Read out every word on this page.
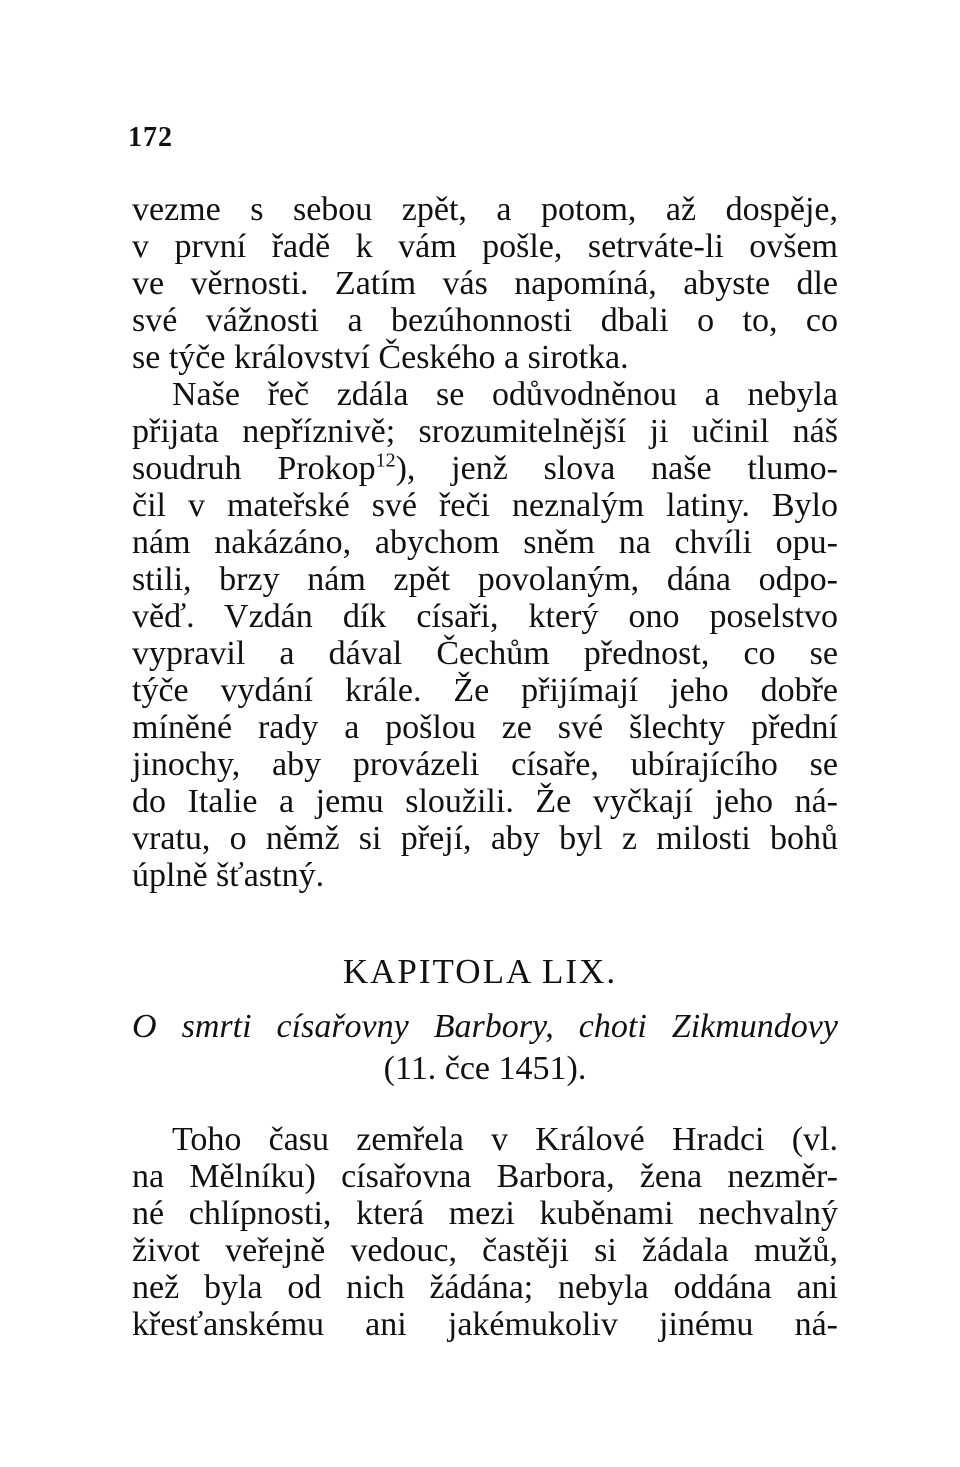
172
vezme s sebou zpět, a potom, až dospěje,
v první řadě k vám pošle, setrváte-li ovšem
ve věrnosti. Zatím vás napomíná, abyste dle
své vážnosti a bezúhonnosti dbali o to, co
se týče království Českého a sirotka.
Naše řeč zdála se odůvodněnou a nebyla
přijata nepříznivě; srozumitelnější ji učinil náš
soudruh Prokop$^{12}$), jenž slova naše tlumo-
čil v mateřské své řeči neznalým latiny. Bylo
nám nakázáno, abychom sněm na chvíli opu-
stili, brzy nám zpět povolaným, dána odpo-
věď. Vzdán dík císaři, který ono poselstvo
vypravil a dával Čechům přednost, co se
týče vydání krále. Že přijímají jeho dobře
míněné rady a pošlou ze své šlechty přední
jinochy, aby provázeli císaře, ubírajícího se
do Italie a jemu sloužili. Že vyčkají jeho ná-
vratu, o němž si přejí, aby byl z milosti bohů
úplně šťastný.
KAPITOLA LIX.
O smrti císařovny Barbory, choti Zikmundovy
(11. čce 1451).
Toho času zemřela v Králové Hradci (vl.
na Mělníku) císařovna Barbora, žena nezměr-
né chlípnosti, která mezi kuběnami nechvalný
život veřejně vedouc, častěji si žádala mužů,
než byla od nich žádána; nebyla oddána ani
křesťanskému ani jakémukoliv jinému ná-
